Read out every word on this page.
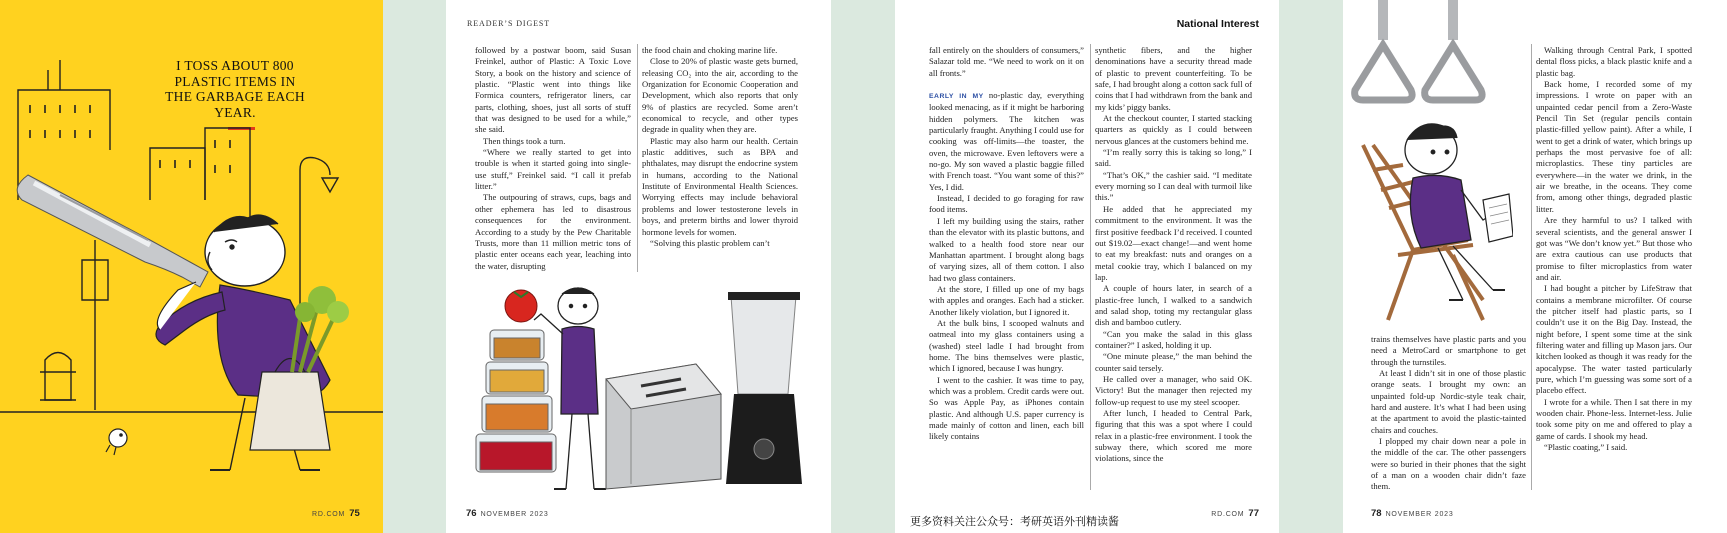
I TOSS ABOUT 800 PLASTIC ITEMS IN THE GARBAGE EACH YEAR.
RD.COM 75
READER’S DIGEST

followed by a postwar boom, said Susan Freinkel, author of Plastic: A Toxic Love Story, a book on the history and science of plastic. “Plastic went into things like Formica counters, refrigerator liners, car parts, clothing, shoes, just all sorts of stuff that was designed to be used for a while,” she said.

Then things took a turn.

“Where we really started to get into trouble is when it started going into single-use stuff,” Freinkel said. “I call it prefab litter.”

The outpouring of straws, cups, bags and other ephemera has led to disastrous consequences for the environment. According to a study by the Pew Charitable Trusts, more than 11 million metric tons of plastic enter oceans each year, leaching into the water, disrupting

the food chain and choking marine life.

Close to 20% of plastic waste gets burned, releasing CO₂ into the air, according to the Organization for Economic Cooperation and Development, which also reports that only 9% of plastics are recycled. Some aren’t economical to recycle, and other types degrade in quality when they are.

Plastic may also harm our health. Certain plastic additives, such as BPA and phthalates, may disrupt the endocrine system in humans, according to the National Institute of Environmental Health Sciences. Worrying effects may include behavioral problems and lower testosterone levels in boys, and preterm births and lower thyroid hormone levels for women.

“Solving this plastic problem can’t

76 NOVEMBER 2023
National Interest

fall entirely on the shoulders of consumers,” Salazar told me. “We need to work on it on all fronts.”

EARLY IN MY no-plastic day, everything looked menacing, as if it might be harboring hidden polymers. The kitchen was particularly fraught. Anything I could use for cooking was off-limits—the toaster, the oven, the microwave. Even leftovers were a no-go. My son waved a plastic baggie filled with French toast. “You want some of this?” Yes, I did.

Instead, I decided to go foraging for raw food items.

I left my building using the stairs, rather than the elevator with its plastic buttons, and walked to a health food store near our Manhattan apartment. I brought along bags of varying sizes, all of them cotton. I also had two glass containers.

At the store, I filled up one of my bags with apples and oranges. Each had a sticker. Another likely violation, but I ignored it.

At the bulk bins, I scooped walnuts and oatmeal into my glass containers using a (washed) steel ladle I had brought from home. The bins themselves were plastic, which I ignored, because I was hungry.

I went to the cashier. It was time to pay, which was a problem. Credit cards were out. So was Apple Pay, as iPhones contain plastic. And although U.S. paper currency is made mainly of cotton and linen, each bill likely contains

synthetic fibers, and the higher denominations have a security thread made of plastic to prevent counterfeiting. To be safe, I had brought along a cotton sack full of coins that I had withdrawn from the bank and my kids’ piggy banks.

At the checkout counter, I started stacking quarters as quickly as I could between nervous glances at the customers behind me.

“I’m really sorry this is taking so long,” I said.

“That’s OK,” the cashier said. “I meditate every morning so I can deal with turmoil like this.”

He added that he appreciated my commitment to the environment. It was the first positive feedback I’d received. I counted out $19.02—exact change!—and went home to eat my breakfast: nuts and oranges on a metal cookie tray, which I balanced on my lap.

A couple of hours later, in search of a plastic-free lunch, I walked to a sandwich and salad shop, toting my rectangular glass dish and bamboo cutlery.

“Can you make the salad in this glass container?” I asked, holding it up.

“One minute please,” the man behind the counter said tersely.

He called over a manager, who said OK. Victory! But the manager then rejected my follow-up request to use my steel scooper.

After lunch, I headed to Central Park, figuring that this was a spot where I could relax in a plastic-free environment. I took the subway there, which scored me more violations, since the

RD.COM 77

trains themselves have plastic parts and you need a MetroCard or smartphone to get through the turnstiles.

At least I didn’t sit in one of those plastic orange seats. I brought my own: an unpainted fold-up Nordic-style teak chair, hard and austere. It’s what I had been using at the apartment to avoid the plastic-tainted chairs and couches.

I plopped my chair down near a pole in the middle of the car. The other passengers were so buried in their phones that the sight of a man on a wooden chair didn’t faze them.

Walking through Central Park, I spotted dental floss picks, a black plastic knife and a plastic bag.

Back home, I recorded some of my impressions. I wrote on paper with an unpainted cedar pencil from a Zero-Waste Pencil Tin Set (regular pencils contain plastic-filled yellow paint). After a while, I went to get a drink of water, which brings up perhaps the most pervasive foe of all: microplastics. These tiny particles are everywhere—in the water we drink, in the air we breathe, in the oceans. They come from, among other things, degraded plastic litter.

Are they harmful to us? I talked with several scientists, and the general answer I got was “We don’t know yet.” But those who are extra cautious can use products that promise to filter microplastics from water and air.

I had bought a pitcher by LifeStraw that contains a membrane microfilter. Of course the pitcher itself had plastic parts, so I couldn’t use it on the Big Day. Instead, the night before, I spent some time at the sink filtering water and filling up Mason jars. Our kitchen looked as though it was ready for the apocalypse. The water tasted particularly pure, which I’m guessing was some sort of a placebo effect.

I wrote for a while. Then I sat there in my wooden chair. Phone-less. Internet-less. Julie took some pity on me and offered to play a game of cards. I shook my head.

“Plastic coating,” I said.

78 NOVEMBER 2023
更多资料关注公众号：考研英语外刊精读酱
